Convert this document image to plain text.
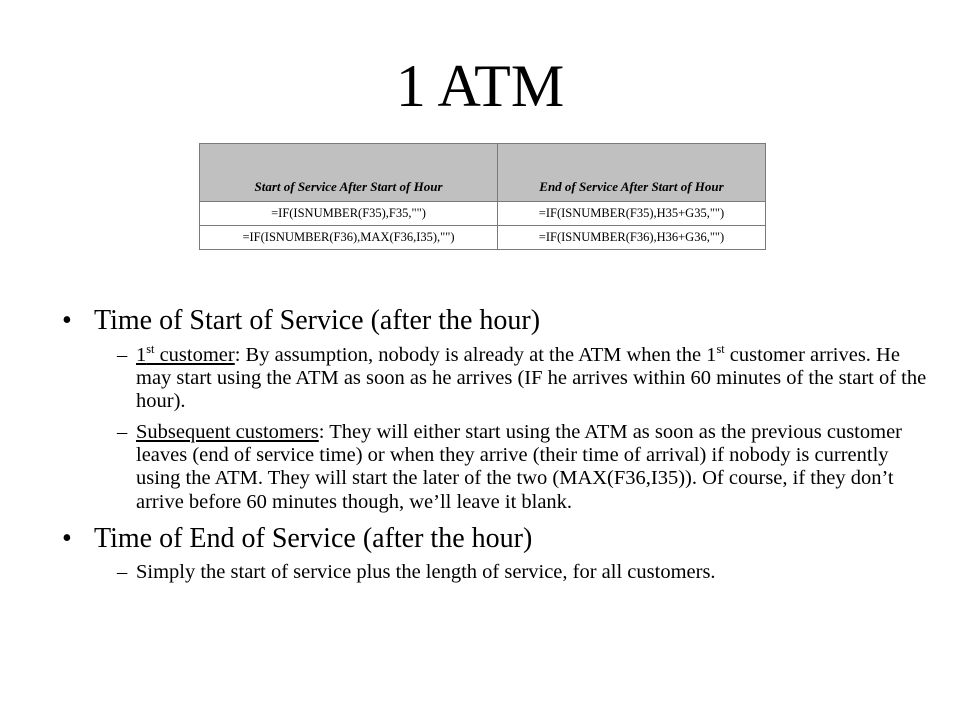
1 ATM
Start of Service After Start of Hour	End of Service After Start of Hour
=IF(ISNUMBER(F35),F35,"")	=IF(ISNUMBER(F35),H35+G35,"")
=IF(ISNUMBER(F36),MAX(F36,I35),"")	=IF(ISNUMBER(F36),H36+G36,"")
• Time of Start of Service (after the hour)

– 1st customer: By assumption, nobody is already at the ATM when the 1st customer arrives. He may start using the ATM as soon as he arrives (IF he arrives within 60 minutes of the start of the hour).

– Subsequent customers: They will either start using the ATM as soon as the previous customer leaves (end of service time) or when they arrive (their time of arrival) if nobody is currently using the ATM. They will start the later of the two (MAX(F36,I35)). Of course, if they don’t arrive before 60 minutes though, we’ll leave it blank.

• Time of End of Service (after the hour)

– Simply the start of service plus the length of service, for all customers.
